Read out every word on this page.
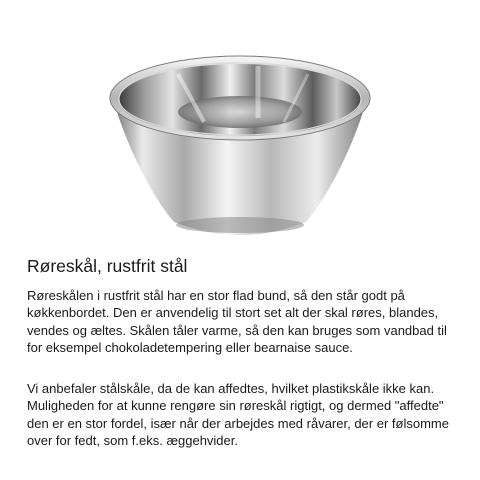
Røreskål, rustfrit stål

Røreskålen i rustfrit stål har en stor flad bund, så den står godt på køkkenbordet. Den er anvendelig til stort set alt der skal røres, blandes, vendes og æltes. Skålen tåler varme, så den kan bruges som vandbad til for eksempel chokoladetempering eller bearnaise sauce.

Vi anbefaler stålskåle, da de kan affedtes, hvilket plastikskåle ikke kan. Muligheden for at kunne rengøre sin røreskål rigtigt, og dermed "affedte" den er en stor fordel, især når der arbejdes med råvarer, der er følsomme over for fedt, som f.eks. æggehvider.
